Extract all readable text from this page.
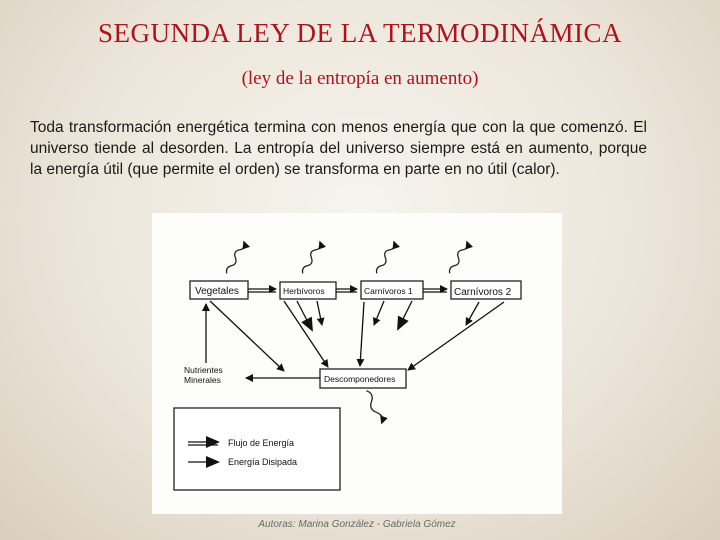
SEGUNDA LEY DE LA TERMODINÁMICA
(ley de la entropía en aumento)
Toda transformación energética termina con menos energía que con la que comenzó. El universo tiende al desorden. La entropía del universo siempre está en aumento, porque la energía útil (que permite el orden) se transforma en parte en no útil (calor).
Vegetales	Herbívoros	Carnívoros 1	Carnívoros 2
Nutrientes
Minerales	Descomponedores
Flujo de Energía
Energía Disipada
Autoras: Marina González - Gabriela Gómez
